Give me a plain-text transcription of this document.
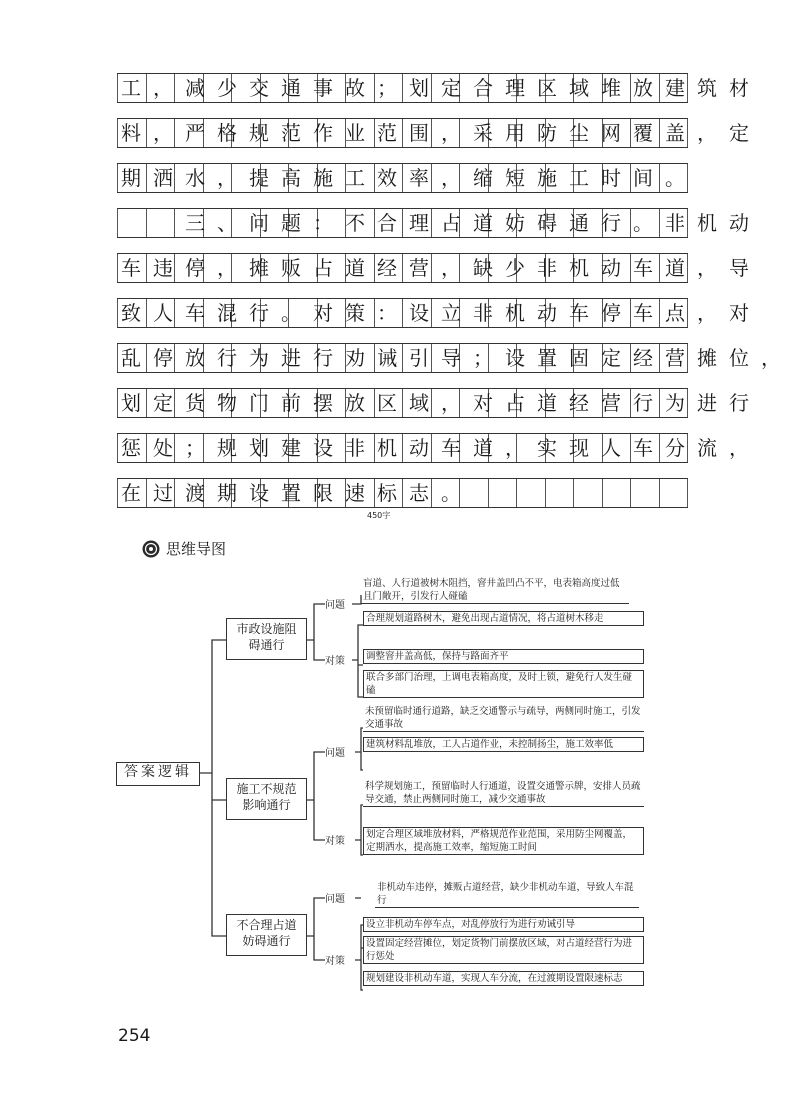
工，减少交通事故；划定合理区域堆放建筑材
料，严格规范作业范围，采用防尘网覆盖，定
期洒水，提高施工效率，缩短施工时间。
　　三、问题：不合理占道妨碍通行。非机动
车违停，摊贩占道经营，缺少非机动车道，导
致人车混行。对策：设立非机动车停车点，对
乱停放行为进行劝诫引导；设置固定经营摊位，
划定货物门前摆放区域，对占道经营行为进行
惩处；规划建设非机动车道，实现人车分流，
在过渡期设置限速标志。
450字
思维导图
答案逻辑
市政设施阻碍通行
问题
对策
盲道、人行道被树木阻挡，窨井盖凹凸不平，电表箱高度过低且门敞开，引发行人碰磕
合理规划道路树木，避免出现占道情况，将占道树木移走
调整窨井盖高低，保持与路面齐平
联合多部门治理，上调电表箱高度，及时上锁，避免行人发生碰磕
施工不规范影响通行
问题
对策
未预留临时通行道路，缺乏交通警示与疏导，两侧同时施工，引发交通事故
建筑材料乱堆放，工人占道作业，未控制扬尘，施工效率低
科学规划施工，预留临时人行通道，设置交通警示牌，安排人员疏导交通，禁止两侧同时施工，减少交通事故
划定合理区域堆放材料，严格规范作业范围，采用防尘网覆盖，定期洒水，提高施工效率，缩短施工时间
不合理占道妨碍通行
问题
对策
非机动车违停，摊贩占道经营，缺少非机动车道，导致人车混行
设立非机动车停车点，对乱停放行为进行劝诫引导
设置固定经营摊位，划定货物门前摆放区域，对占道经营行为进行惩处
规划建设非机动车道，实现人车分流，在过渡期设置限速标志
254
